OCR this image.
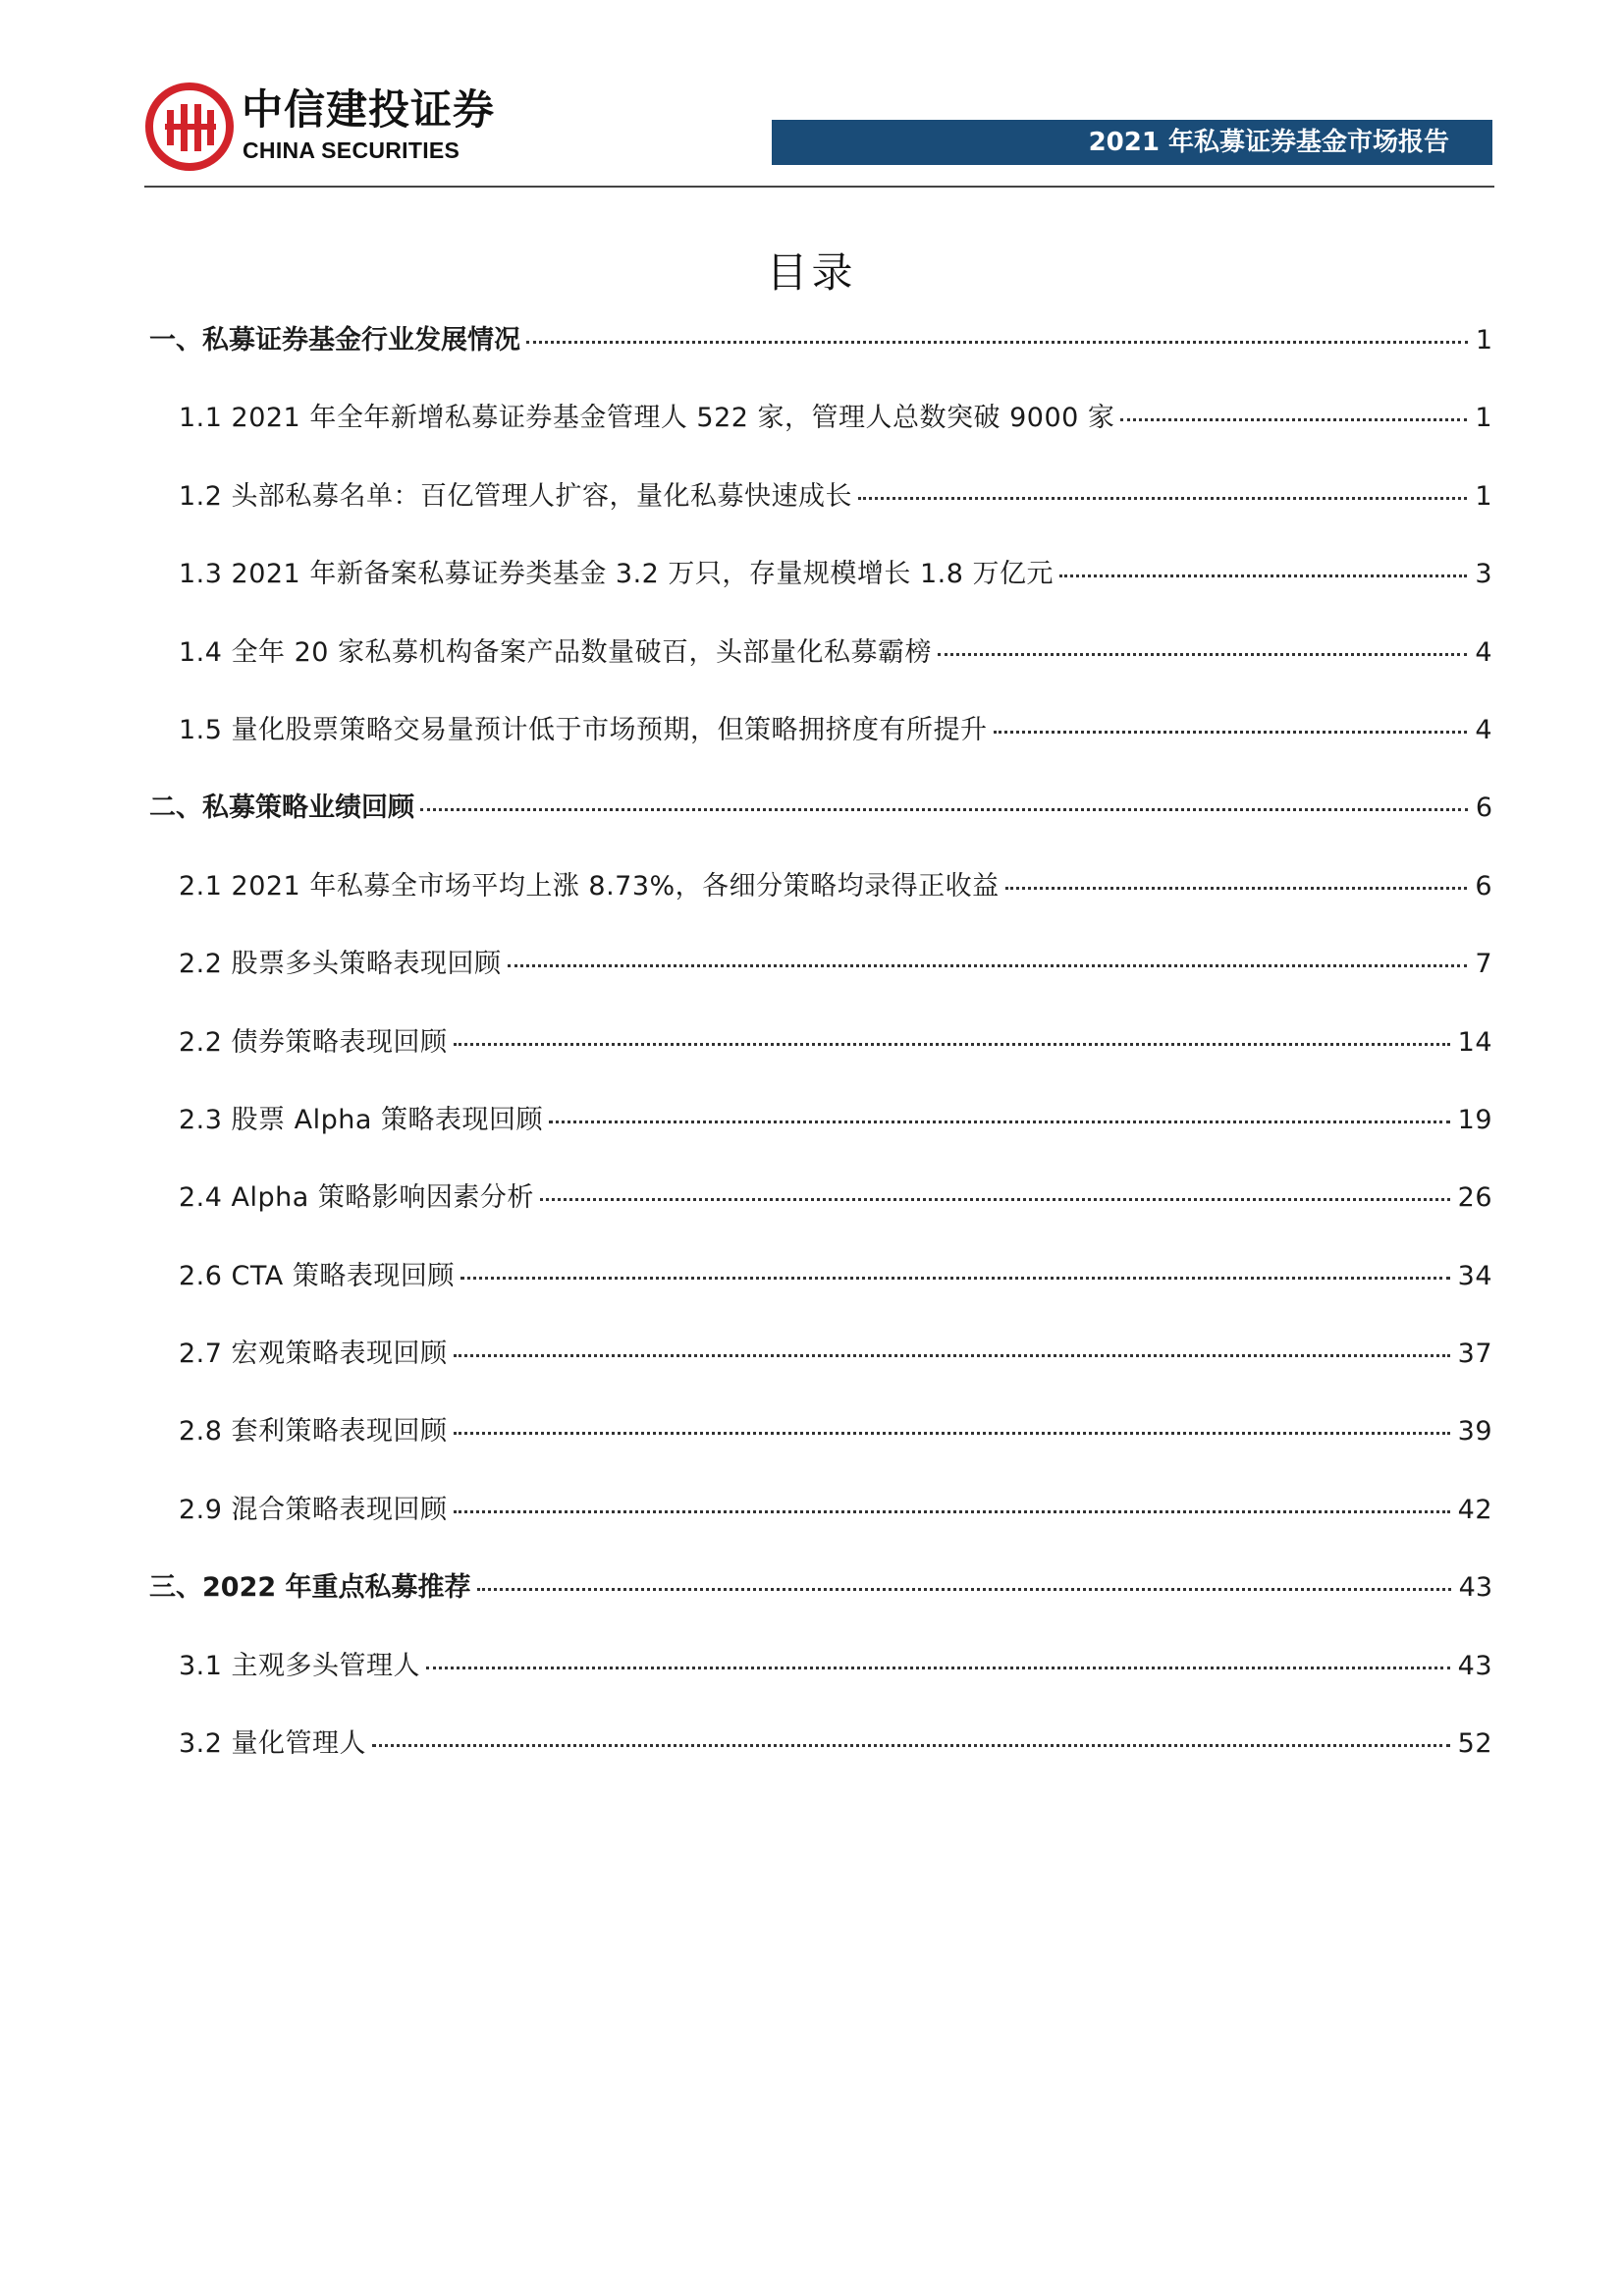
中信建投证券
CHINA SECURITIES	2021 年私募证券基金市场报告
目录
一、私募证券基金行业发展情况	1
1.1 2021 年全年新增私募证券基金管理人 522 家，管理人总数突破 9000 家	1
1.2 头部私募名单：百亿管理人扩容，量化私募快速成长	1
1.3 2021 年新备案私募证券类基金 3.2 万只，存量规模增长 1.8 万亿元	3
1.4 全年 20 家私募机构备案产品数量破百，头部量化私募霸榜	4
1.5 量化股票策略交易量预计低于市场预期，但策略拥挤度有所提升	4
二、私募策略业绩回顾	6
2.1 2021 年私募全市场平均上涨 8.73%，各细分策略均录得正收益	6
2.2 股票多头策略表现回顾	7
2.2 债券策略表现回顾	14
2.3 股票 Alpha 策略表现回顾	19
2.4 Alpha 策略影响因素分析	26
2.6 CTA 策略表现回顾	34
2.7 宏观策略表现回顾	37
2.8 套利策略表现回顾	39
2.9 混合策略表现回顾	42
三、2022 年重点私募推荐	43
3.1 主观多头管理人	43
3.2 量化管理人	52
